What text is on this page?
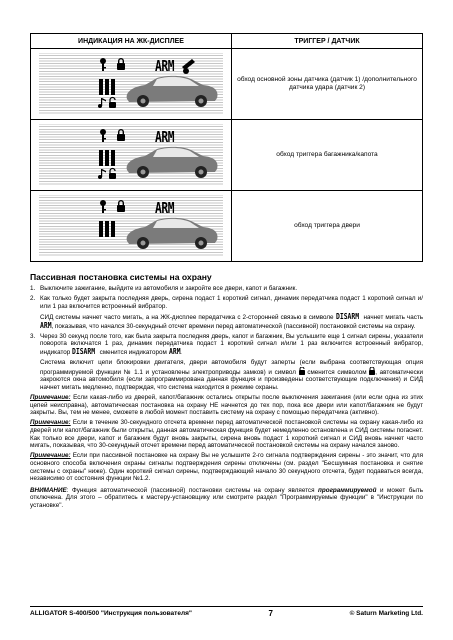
ИНДИКАЦИЯ НА ЖК-ДИСПЛЕЕ	ТРИГГЕР / ДАТЧИК

ARM	обход основной зоны датчика (датчик 1) /дополнительного датчика удара (датчик 2)

ARM	обход триггера багажника/капота

ARM	обход триггера двери
Пассивная постановка системы на охрану
1. Выключите зажигание, выйдите из автомобиля и закройте все двери, капот и багажник.
2. Как только будет закрыта последняя дверь, сирена подаст 1 короткий сигнал, динамик передатчика подаст 1 короткий сигнал и/или 1 раз включится встроенный вибратор.

СИД системы начнет часто мигать, а на ЖК-дисплее передатчика с 2-сторонней связью в символе DISARM начнет мигать часть ARM, показывая, что начался 30-секундный отсчет времени перед автоматической (пассивной) постановкой системы на охрану.

3. Через 30 секунд после того, как была закрыта последняя дверь, капот и багажник, Вы услышите еще 1 сигнал сирены, указатели поворота включатся 1 раз, динамик передатчика подаст 1 короткий сигнал и/или 1 раз включится встроенный вибратор, индикатор DISARM сменится индикатором ARM.

Система включит цепи блокировки двигателя, двери автомобиля будут заперты (если выбрана соответствующая опция программируемой функции № 1.1 и установлены электроприводы замков) и символ сменится символом , автоматически закроются окна автомобиля (если запрограммирована данная функция и произведены соответствующие подключения) и СИД начнет мигать медленно, подтверждая, что система находится в режиме охраны.

Примечание: Если какая-либо из дверей, капот/багажник остались открыты после выключения зажигания (или если одна из этих цепей неисправна), автоматическая постановка на охрану НЕ начнется до тех пор, пока все двери или капот/багажник не будут закрыты. Вы, тем не менее, сможете в любой момент поставить систему на охрану с помощью передатчика (активно).

Примечание: Если в течение 30-секундного отсчета времени перед автоматической постановкой системы на охрану какая-либо из дверей или капот/багажник были открыты, данная автоматическая функция будет немедленно остановлена и СИД системы погаснет. Как только все двери, капот и багажник будут вновь закрыты, сирена вновь подаст 1 короткий сигнал и СИД вновь начнет часто мигать, показывая, что 30-секундный отсчет времени перед автоматической постановкой системы на охрану начался заново.

Примечание: Если при пассивной постановке на охрану Вы не услышите 2-го сигнала подтверждения сирены - это значит, что для основного способа включения охраны сигналы подтверждения сирены отключены (см. раздел "Бесшумная постановка и снятие системы с охраны" ниже). Один короткий сигнал сирены, подтверждающий начало 30 секундного отсчета, будет подаваться всегда, независимо от состояния функции №1.2.

ВНИМАНИЕ: Функция автоматической (пассивной) постановки системы на охрану является программируемой и может быть отключена. Для этого – обратитесь к мастеру-установщику или смотрите раздел "Программируемые функции" в "Инструкции по установке".

ALLIGATOR S-400/500 "Инструкция пользователя"	7	© Saturn Marketing Ltd.
